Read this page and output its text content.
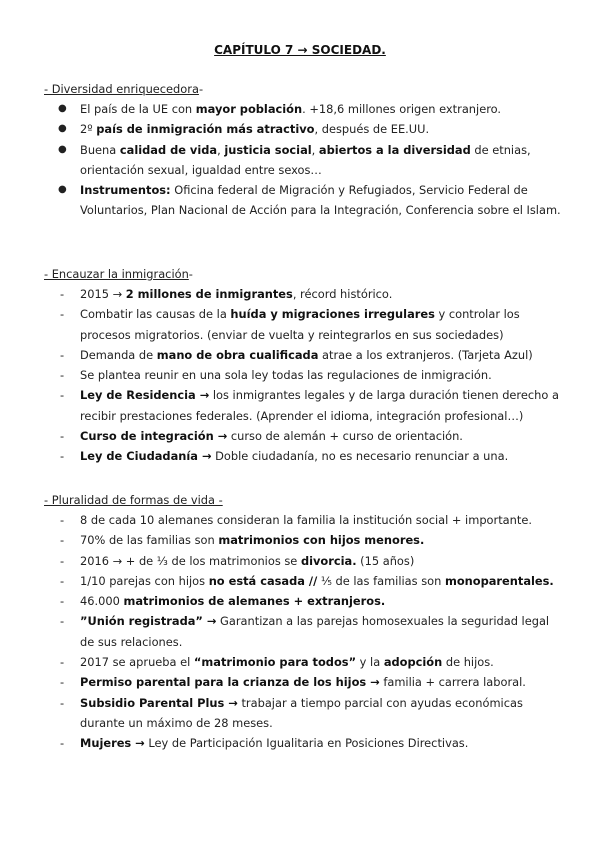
CAPÍTULO 7 → SOCIEDAD.
- Diversidad enriquecedora-
● El país de la UE con mayor población. +18,6 millones origen extranjero.
● 2º país de inmigración más atractivo, después de EE.UU.
● Buena calidad de vida, justicia social, abiertos a la diversidad de etnias, orientación sexual, igualdad entre sexos…
● Instrumentos: Oficina federal de Migración y Refugiados, Servicio Federal de Voluntarios, Plan Nacional de Acción para la Integración, Conferencia sobre el Islam.
- Encauzar la inmigración-
- 2015 → 2 millones de inmigrantes, récord histórico.
- Combatir las causas de la huída y migraciones irregulares y controlar los procesos migratorios. (enviar de vuelta y reintegrarlos en sus sociedades)
- Demanda de mano de obra cualificada atrae a los extranjeros. (Tarjeta Azul)
- Se plantea reunir en una sola ley todas las regulaciones de inmigración.
- Ley de Residencia → los inmigrantes legales y de larga duración tienen derecho a recibir prestaciones federales. (Aprender el idioma, integración profesional…)
- Curso de integración → curso de alemán + curso de orientación.
- Ley de Ciudadanía → Doble ciudadanía, no es necesario renunciar a una.
- Pluralidad de formas de vida -
- 8 de cada 10 alemanes consideran la familia la institución social + importante.
- 70% de las familias son matrimonios con hijos menores.
- 2016 → + de ⅓ de los matrimonios se divorcia. (15 años)
- 1/10 parejas con hijos no está casada // ⅕ de las familias son monoparentales.
- 46.000 matrimonios de alemanes + extranjeros.
- ”Unión registrada” → Garantizan a las parejas homosexuales la seguridad legal de sus relaciones.
- 2017 se aprueba el “matrimonio para todos” y la adopción de hijos.
- Permiso parental para la crianza de los hijos → familia + carrera laboral.
- Subsidio Parental Plus → trabajar a tiempo parcial con ayudas económicas durante un máximo de 28 meses.
- Mujeres → Ley de Participación Igualitaria en Posiciones Directivas.
